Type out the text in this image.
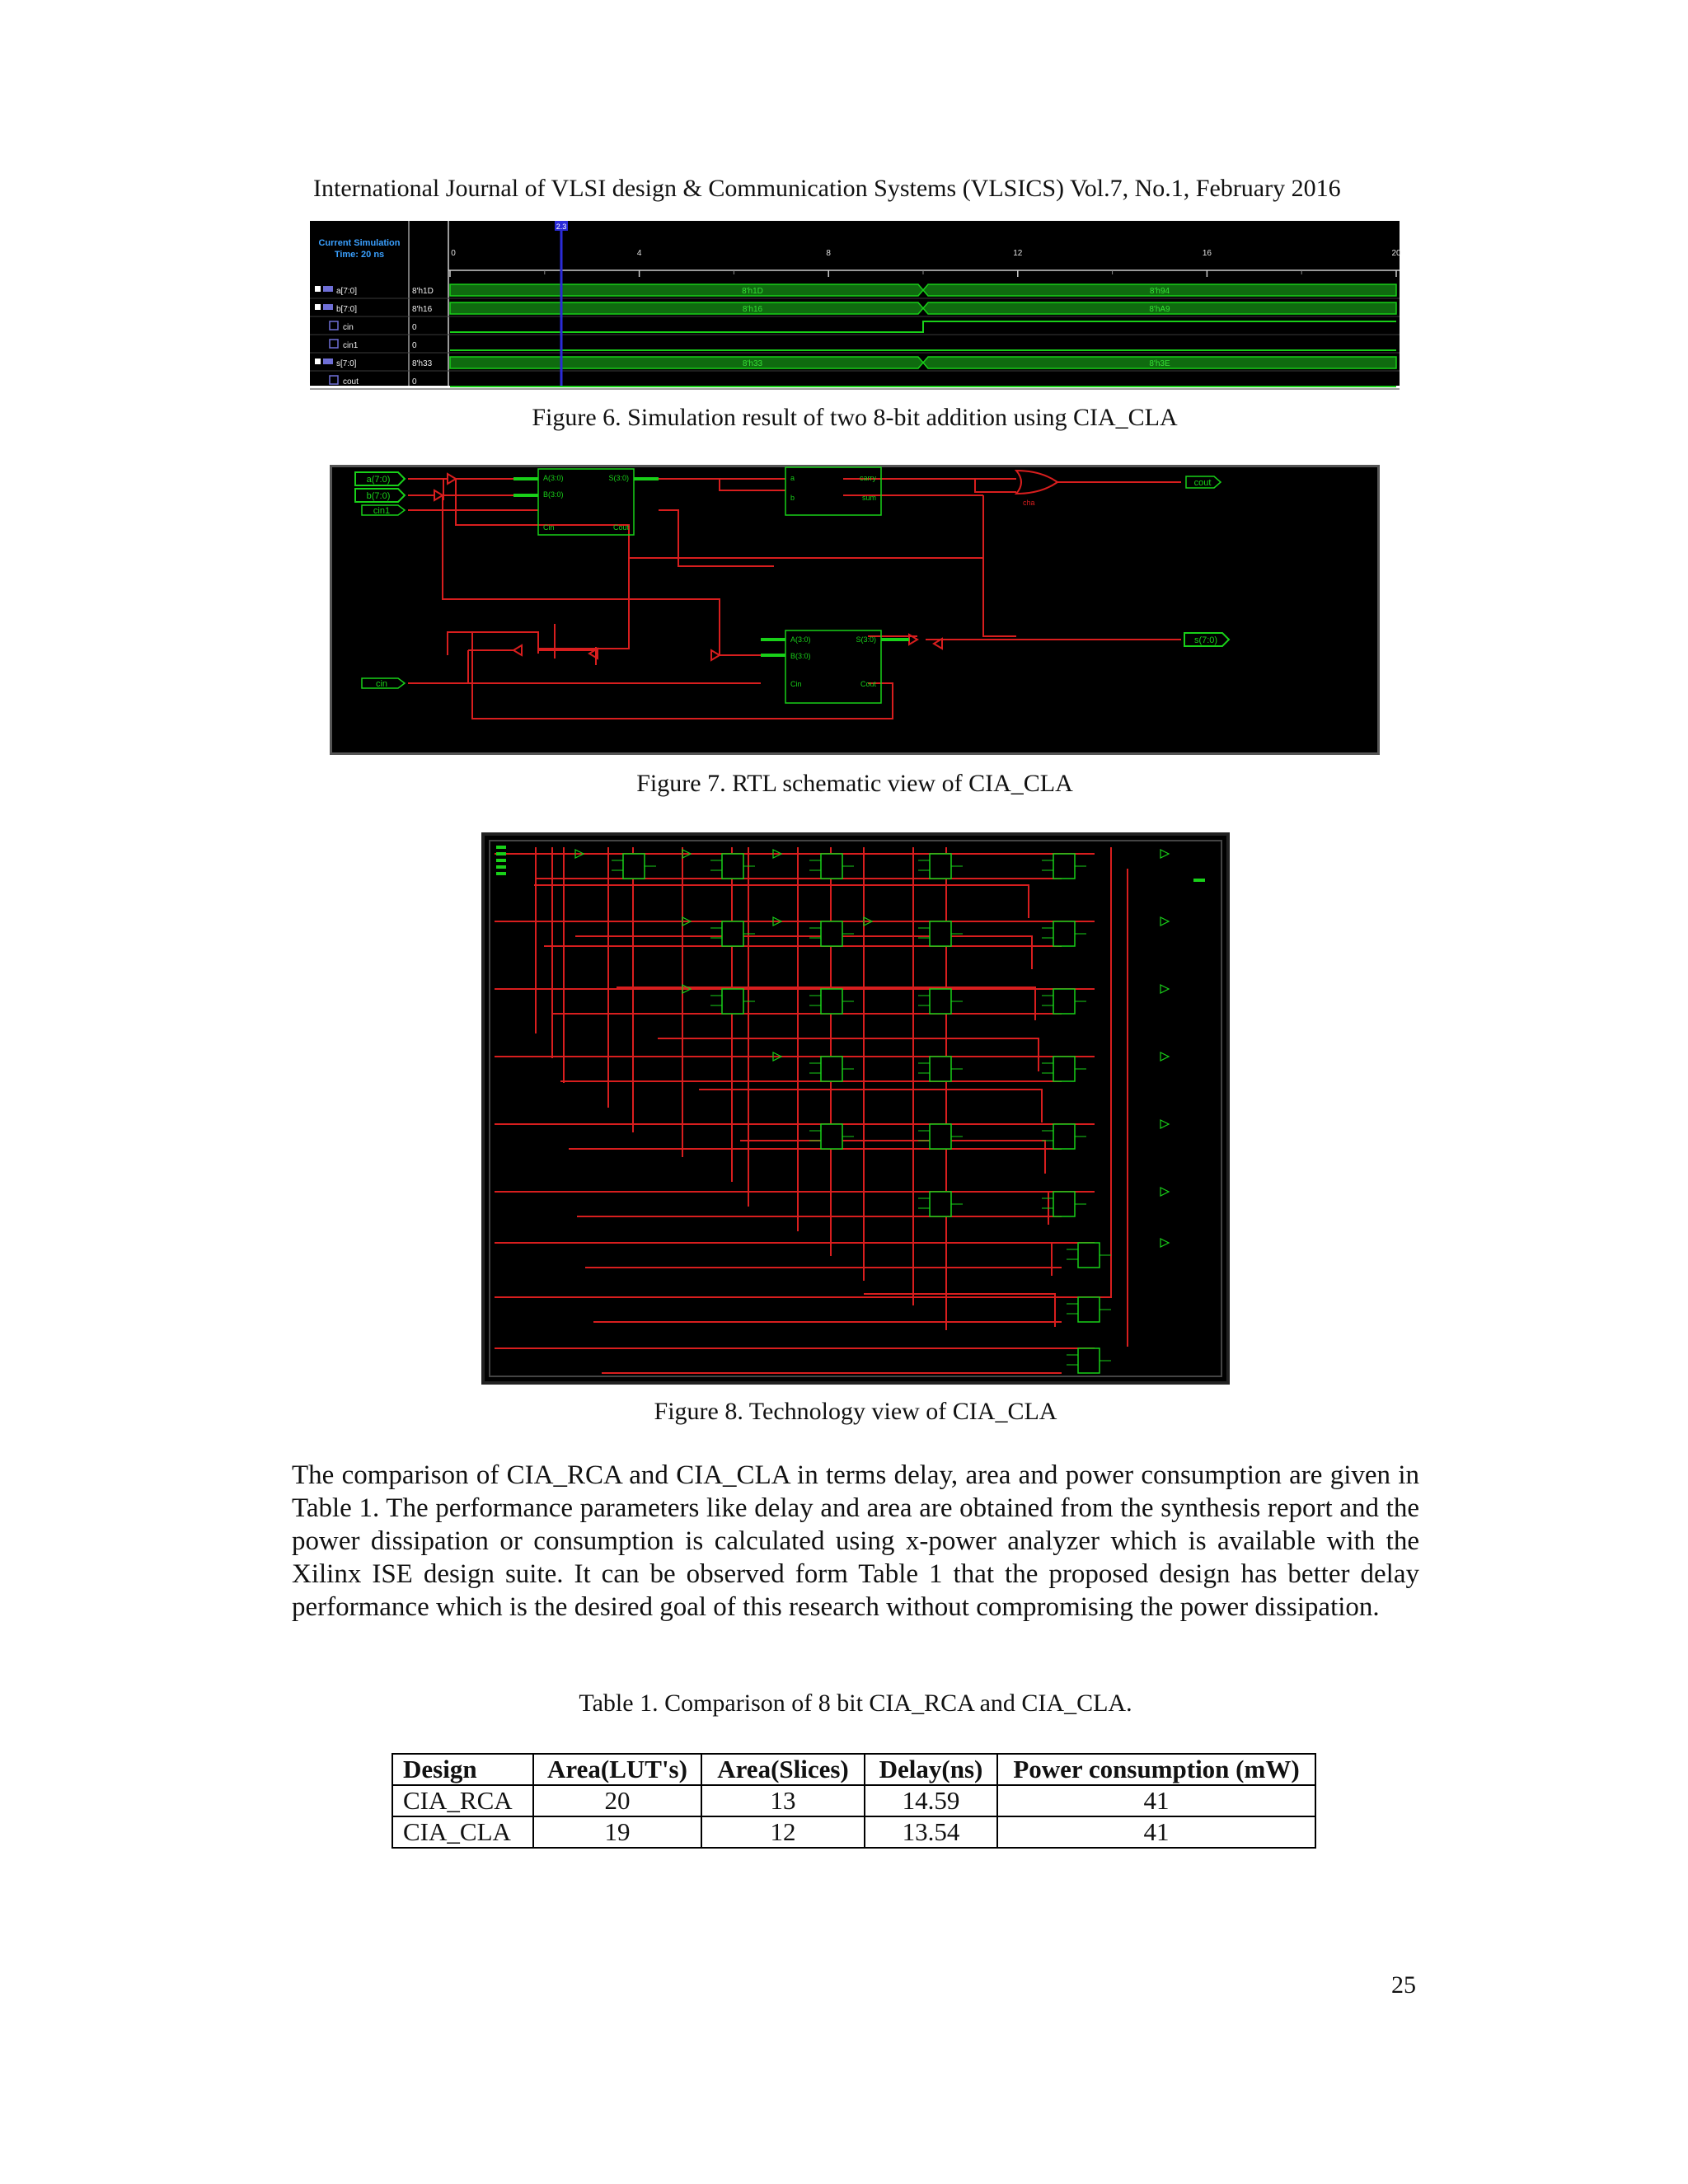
International Journal of VLSI design & Communication Systems (VLSICS) Vol.7, No.1, February 2016
Current Simulation
Time: 20 ns	0	4	8	12	16	20
2.3
a[7:0]	8'h1D	8'h1D	8'h94
b[7:0]	8'h16	8'h16	8'hA9
cin	0
cin1	0
s[7:0]	8'h33	8'h33	8'h3E
cout	0
Figure 6. Simulation result of two 8-bit addition using CIA_CLA
a(7:0)
b(7:0)
cin1
cin
cout
s(7:0)
A(3:0)
B(3:0)
Cin
S(3:0)
Cout
a
b
carry
sum
cha
A(3:0)
B(3:0)
Cin
S(3:0)
Cout
Figure 7. RTL schematic view of CIA_CLA
Figure 8. Technology view of CIA_CLA

The comparison of CIA_RCA and CIA_CLA in terms delay, area and power consumption are given in Table 1. The performance parameters like delay and area are obtained from the synthesis report and the power dissipation or consumption is calculated using x-power analyzer which is available with the Xilinx ISE design suite. It can be observed form Table 1 that the proposed design has better delay performance which is the desired goal of this research without compromising the power dissipation.

Table 1. Comparison of 8 bit CIA_RCA and CIA_CLA.
Design	Area(LUT's)	Area(Slices)	Delay(ns)	Power consumption (mW)
CIA_RCA	20	13	14.59	41
CIA_CLA	19	12	13.54	41
25
